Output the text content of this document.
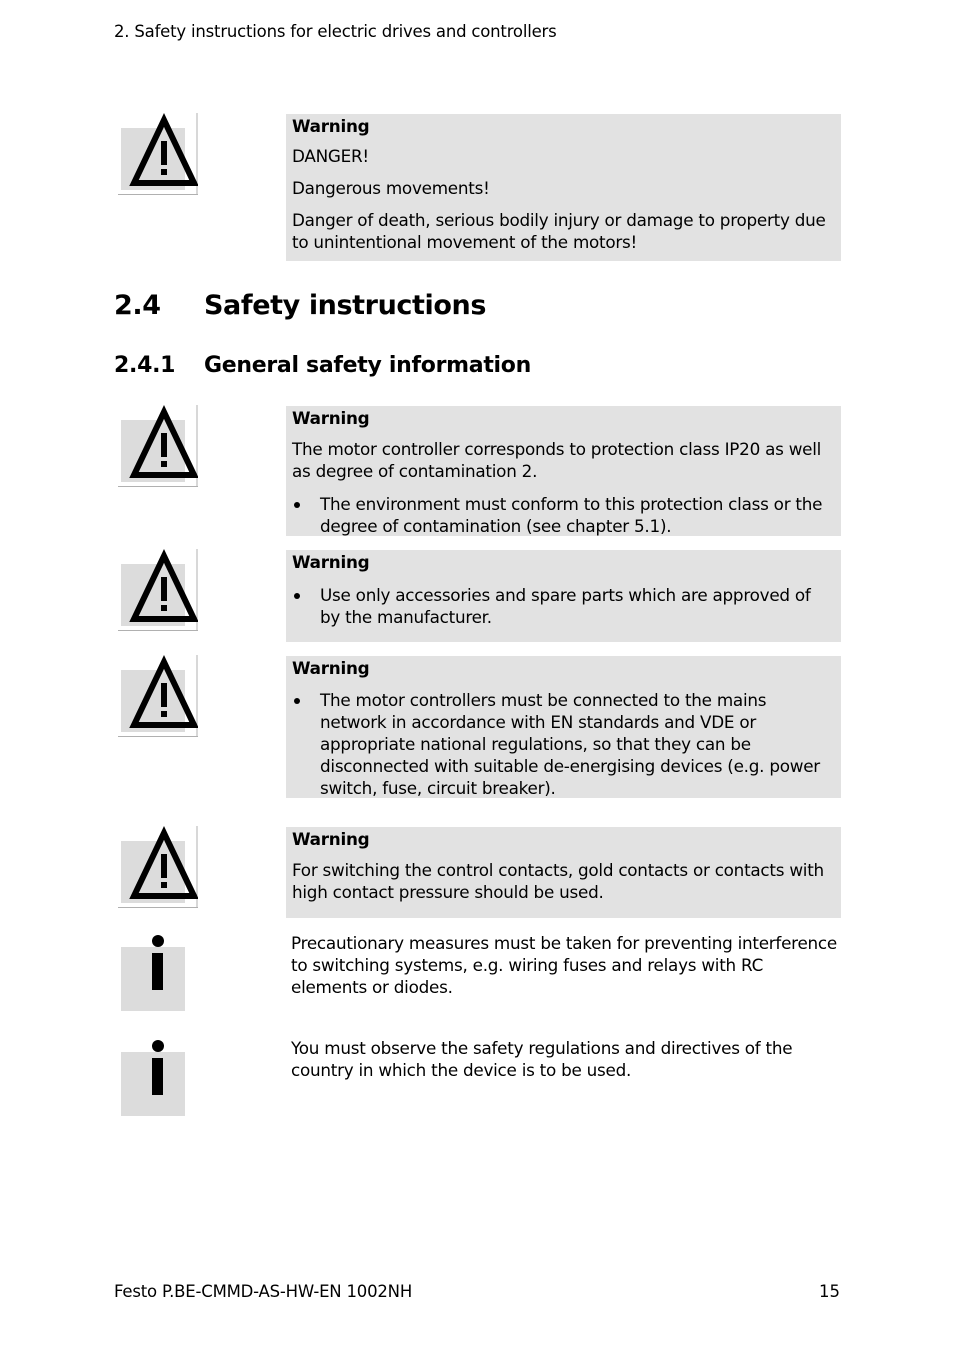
2. Safety instructions for electric drives and controllers
Warning

DANGER!

Dangerous movements!

Danger of death, serious bodily injury or damage to property due to unintentional movement of the motors!

2.4 Safety instructions
2.4.1 General safety information
Warning

The motor controller corresponds to protection class IP20 as well as degree of contamination 2.

The environment must conform to this protection class or the degree of contamination (see chapter 5.1).
Warning
Use only accessories and spare parts which are approved of by the manufacturer.
Warning
The motor controllers must be connected to the mains network in accordance with EN standards and VDE or appropriate national regulations, so that they can be disconnected with suitable de-energising devices (e.g. power switch, fuse, circuit breaker).
Warning

For switching the control contacts, gold contacts or contacts with high contact pressure should be used.

Precautionary measures must be taken for preventing interference to switching systems, e.g. wiring fuses and relays with RC elements or diodes.
You must observe the safety regulations and directives of the country in which the device is to be used.
Festo P.BE-CMMD-AS-HW-EN 1002NH	15
